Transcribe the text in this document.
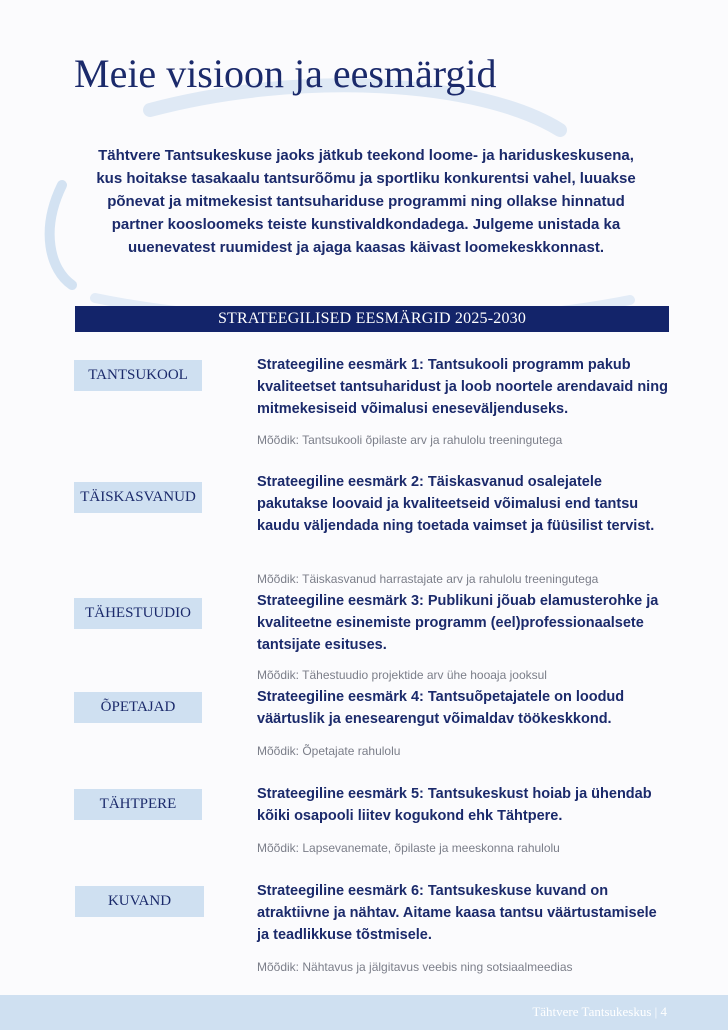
Meie visioon ja eesmärgid

Tähtvere Tantsukeskuse jaoks jätkub teekond loome- ja hariduskeskusena, kus hoitakse tasakaalu tantsurõõmu ja sportliku konkurentsi vahel, luuakse põnevat ja mitmekesist tantsuhariduse programmi ning ollakse hinnatud partner koosloomeks teiste kunstivaldkondadega. Julgeme unistada ka uuenevatest ruumidest ja ajaga kaasas käivast loomekeskkonnast.

STRATEEGILISED EESMÄRGID 2025-2030
TANTSUKOOL

Strateegiline eesmärk 1: Tantsukooli programm pakub kvaliteetset tantsuharidust ja loob noortele arendavaid ning mitmekesiseid võimalusi eneseväljenduseks.

Mõõdik: Tantsukooli õpilaste arv ja rahulolu treeningutega

TÄISKASVANUD

Strateegiline eesmärk 2: Täiskasvanud osalejatele pakutakse loovaid ja kvaliteetseid võimalusi end tantsu kaudu väljendada ning toetada vaimset ja füüsilist tervist.

Mõõdik: Täiskasvanud harrastajate arv ja rahulolu treeningutega

TÄHESTUUDIO

Strateegiline eesmärk 3: Publikuni jõuab elamusterohke ja kvaliteetne esinemiste programm (eel)professionaalsete tantsijate esituses.

Mõõdik: Tähestuudio projektide arv ühe hooaja jooksul

ÕPETAJAD

Strateegiline eesmärk 4: Tantsuõpetajatele on loodud väärtuslik ja enesearengut võimaldav töökeskkond.

Mõõdik: Õpetajate rahulolu

TÄHTPERE

Strateegiline eesmärk 5: Tantsukeskust hoiab ja ühendab kõiki osapooli liitev kogukond ehk Tähtpere.

Mõõdik: Lapsevanemate, õpilaste ja meeskonna rahulolu

KUVAND

Strateegiline eesmärk 6: Tantsukeskuse kuvand on atraktiivne ja nähtav. Aitame kaasa tantsu väärtustamisele ja teadlikkuse tõstmisele.

Mõõdik: Nähtavus ja jälgitavus veebis ning sotsiaalmeedias

Tähtvere Tantsukeskus | 4
